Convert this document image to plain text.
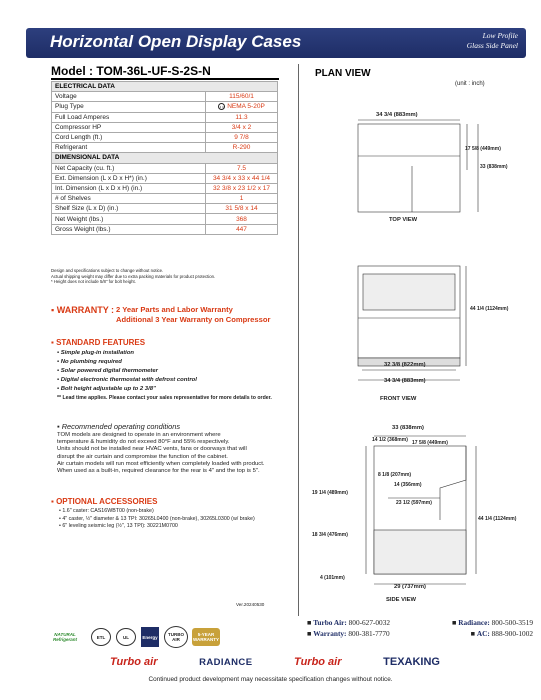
Horizontal Open Display Cases	Low Profile
Glass Side Panel
Model : TOM-36L-UF-S-2S-N
ELECTRICAL DATA	
Voltage	115/60/1
Plug Type	• • NEMA 5-20P
Full Load Amperes	11.3
Compressor HP	3/4 x 2
Cord Length (ft.)	9 7/8
Refrigerant	R-290
DIMENSIONAL DATA	
Net Capacity (cu. ft.)	7.5
Ext. Dimension (L x D x H*) (in.)	34 3/4 x 33 x 44 1/4
Int. Dimension (L x D x H) (in.)	32 3/8 x 23 1/2 x 17
# of Shelves	1
Shelf Size (L x D) (in.)	31 5/8 x 14
Net Weight (lbs.)	368
Gross Weight (lbs.)	447
Design and specifications subject to change without notice.
Actual shipping weight may differ due to extra packing materials for product protection.
* Height does not include 5/8" for bolt height.
▪ WARRANTY : 2 Year Parts and Labor Warranty
Additional 3 Year Warranty on Compressor
▪ STANDARD FEATURES
• Simple plug-in installation
• No plumbing required
• Solar powered digital thermometer
• Digital electronic thermostat with defrost control
• Bolt height adjustable up to 2 3/8"
** Lead time applies. Please contact your sales representative for more details to order.
▪ Recommended operating conditions
TOM models are designed to operate in an environment where
temperature & humidity do not exceed 80°F and 55% respectively.
Units should not be installed near HVAC vents, fans or doorways that will
disrupt the air curtain and compromise the function of the cabinet.
Air curtain models will run most efficiently when completely loaded with product.
When used as a built-in, required clearance for the rear is 4" and the top is 5".
▪ OPTIONAL ACCESSORIES
• 1.6" caster: CAS16WBT00 (non-brake)
• 4" caster, ½" diameter & 13 TPI: 30265L0400 (non-brake), 30265L0300 (w/ brake)
• 6" leveling seismic leg (½", 13 TPI): 30221M0700
Ver.20240530
PLAN VIEW
(unit : inch)
34 3/4 (883mm)
17 5/8 (449mm)
33 (838mm)
TOP VIEW
44 1/4 (1124mm)
32 3/8 (822mm)
34 3/4 (883mm)
FRONT VIEW
33 (838mm)
14 1/2 (368mm) 17 5/8 (449mm)
14 (356mm)
8 1/8 (207mm)
23 1/2 (597mm)
19 1/4 (489mm)
18 3/4 (476mm)
4 (101mm)
44 1/4 (1124mm)
29 (737mm)
SIDE VIEW
■ Turbo Air: 800-627-0032	■ Radiance: 800-500-3519
■ Warranty: 800-381-7770	■ AC: 888-900-1002
NATURAL Refrigerant	ETL	UL	Energy	TURBO AIR
5-YEAR WARRANTY
Turbo air	RADIANCE	Turbo air	TEXAKING
Continued product development may necessitate specification changes without notice.
